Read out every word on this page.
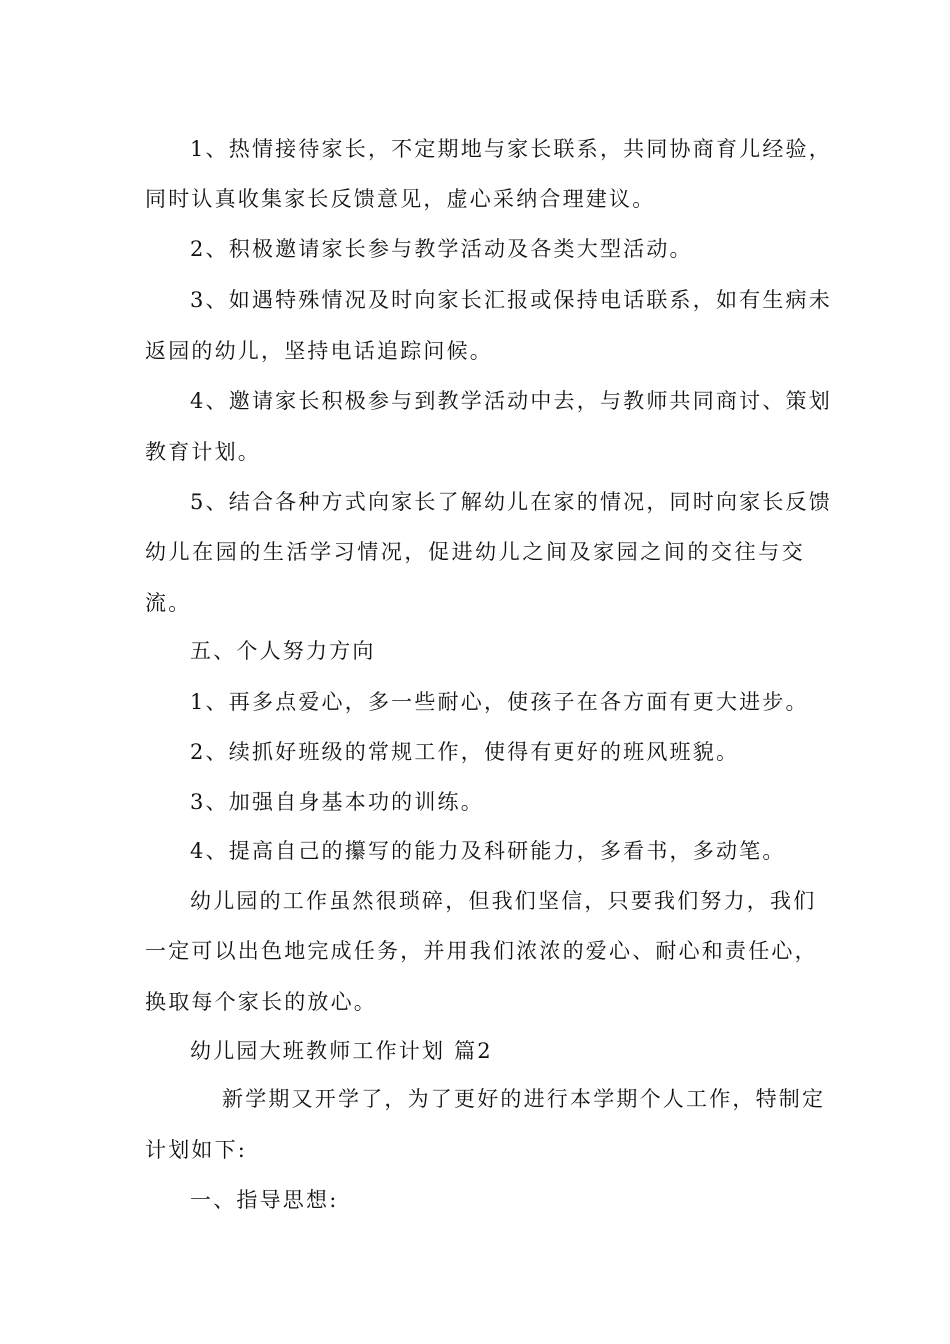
1、热情接待家长，不定期地与家长联系，共同协商育儿经验，
同时认真收集家长反馈意见，虚心采纳合理建议。
2、积极邀请家长参与教学活动及各类大型活动。
3、如遇特殊情况及时向家长汇报或保持电话联系，如有生病未
返园的幼儿，坚持电话追踪问候。
4、邀请家长积极参与到教学活动中去，与教师共同商讨、策划
教育计划。
5、结合各种方式向家长了解幼儿在家的情况，同时向家长反馈
幼儿在园的生活学习情况，促进幼儿之间及家园之间的交往与交
流。
五、个人努力方向
1、再多点爱心，多一些耐心，使孩子在各方面有更大进步。
2、续抓好班级的常规工作，使得有更好的班风班貌。
3、加强自身基本功的训练。
4、提高自己的攥写的能力及科研能力，多看书，多动笔。
幼儿园的工作虽然很琐碎，但我们坚信，只要我们努力，我们
一定可以出色地完成任务，并用我们浓浓的爱心、耐心和责任心，
换取每个家长的放心。
幼儿园大班教师工作计划 篇2
新学期又开学了，为了更好的进行本学期个人工作，特制定
计划如下:
一、指导思想:
